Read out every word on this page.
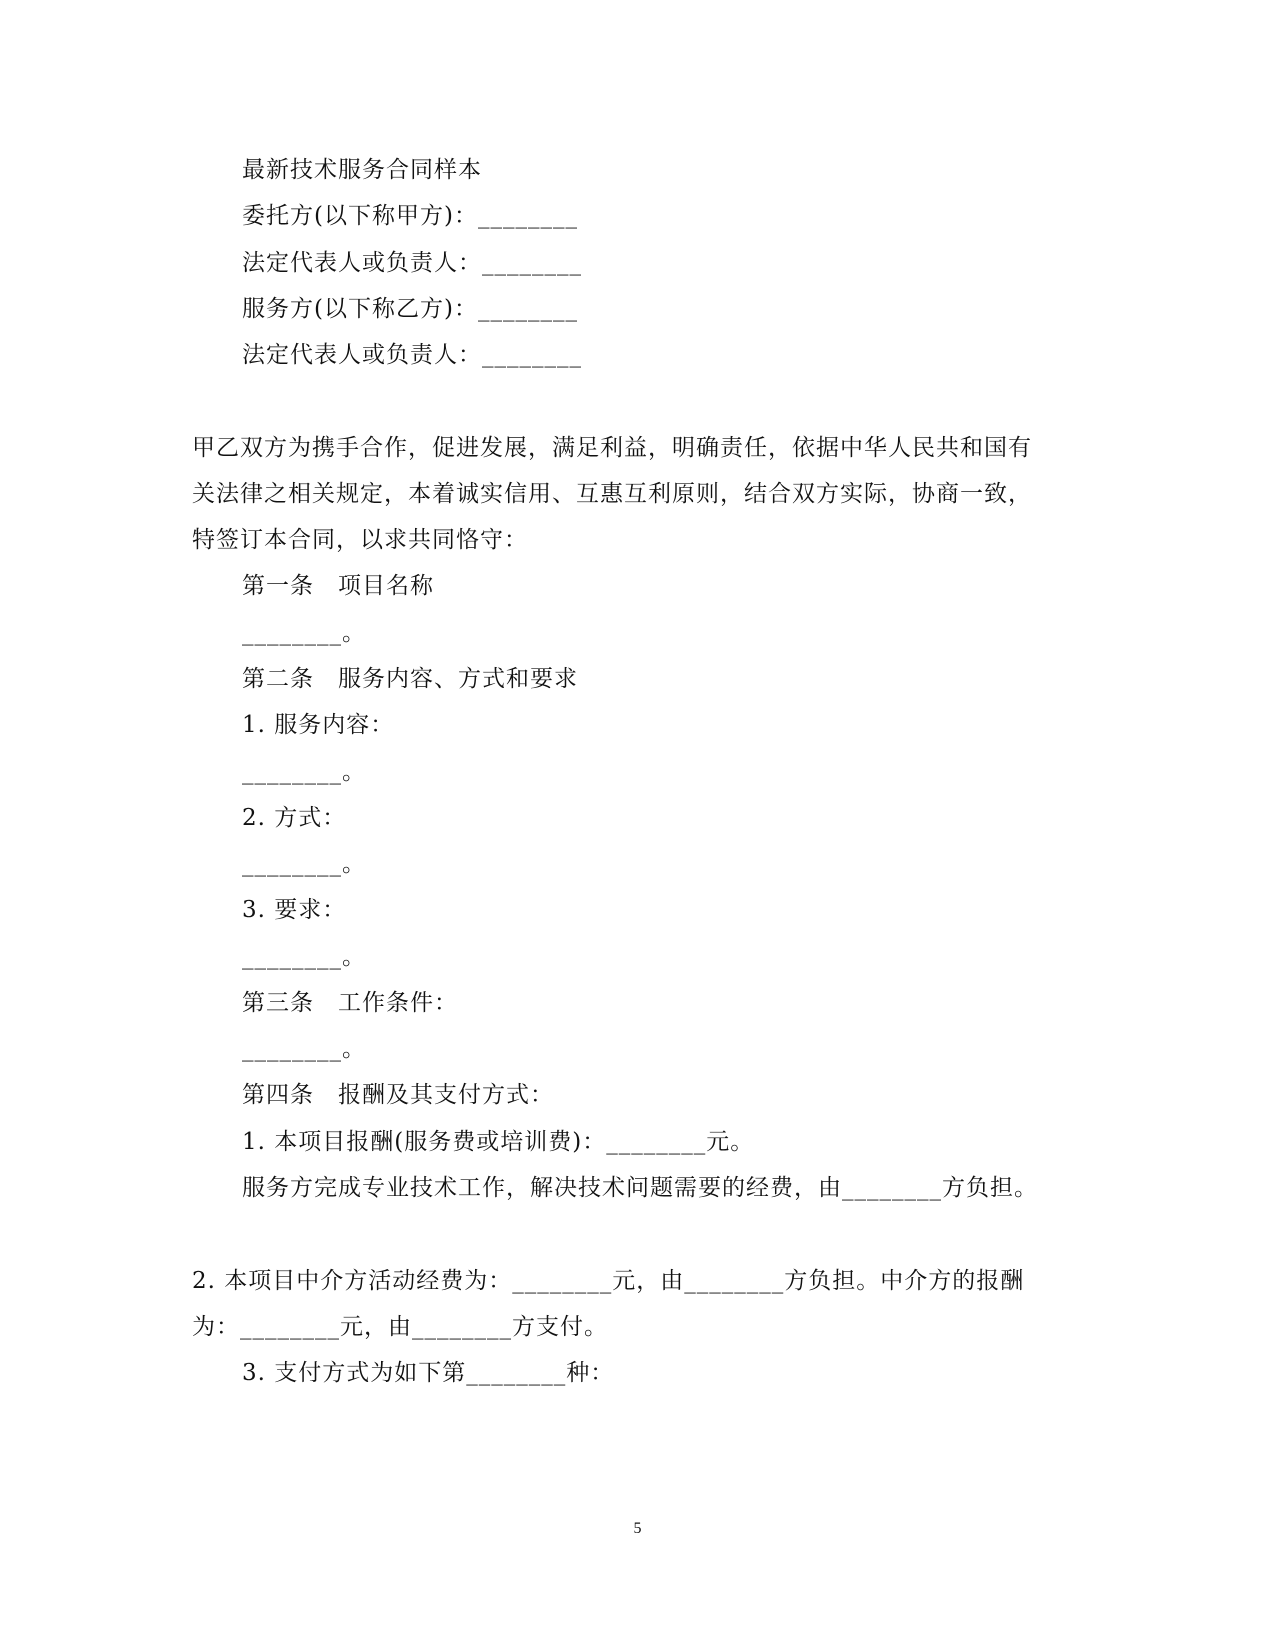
最新技术服务合同样本
委托方(以下称甲方)：________
法定代表人或负责人：________
服务方(以下称乙方)：________
法定代表人或负责人：________
甲乙双方为携手合作，促进发展，满足利益，明确责任，依据中华人民共和国有
关法律之相关规定，本着诚实信用、互惠互利原则，结合双方实际，协商一致，
特签订本合同，以求共同恪守：
第一条　项目名称
________。
第二条　服务内容、方式和要求
1. 服务内容：
________。
2. 方式：
________。
3. 要求：
________。
第三条　工作条件：
________。
第四条　报酬及其支付方式：
1. 本项目报酬(服务费或培训费)：________元。
服务方完成专业技术工作，解决技术问题需要的经费，由________方负担。
2. 本项目中介方活动经费为：________元，由________方负担。中介方的报酬
为：________元，由________方支付。
3. 支付方式为如下第________种：
5
